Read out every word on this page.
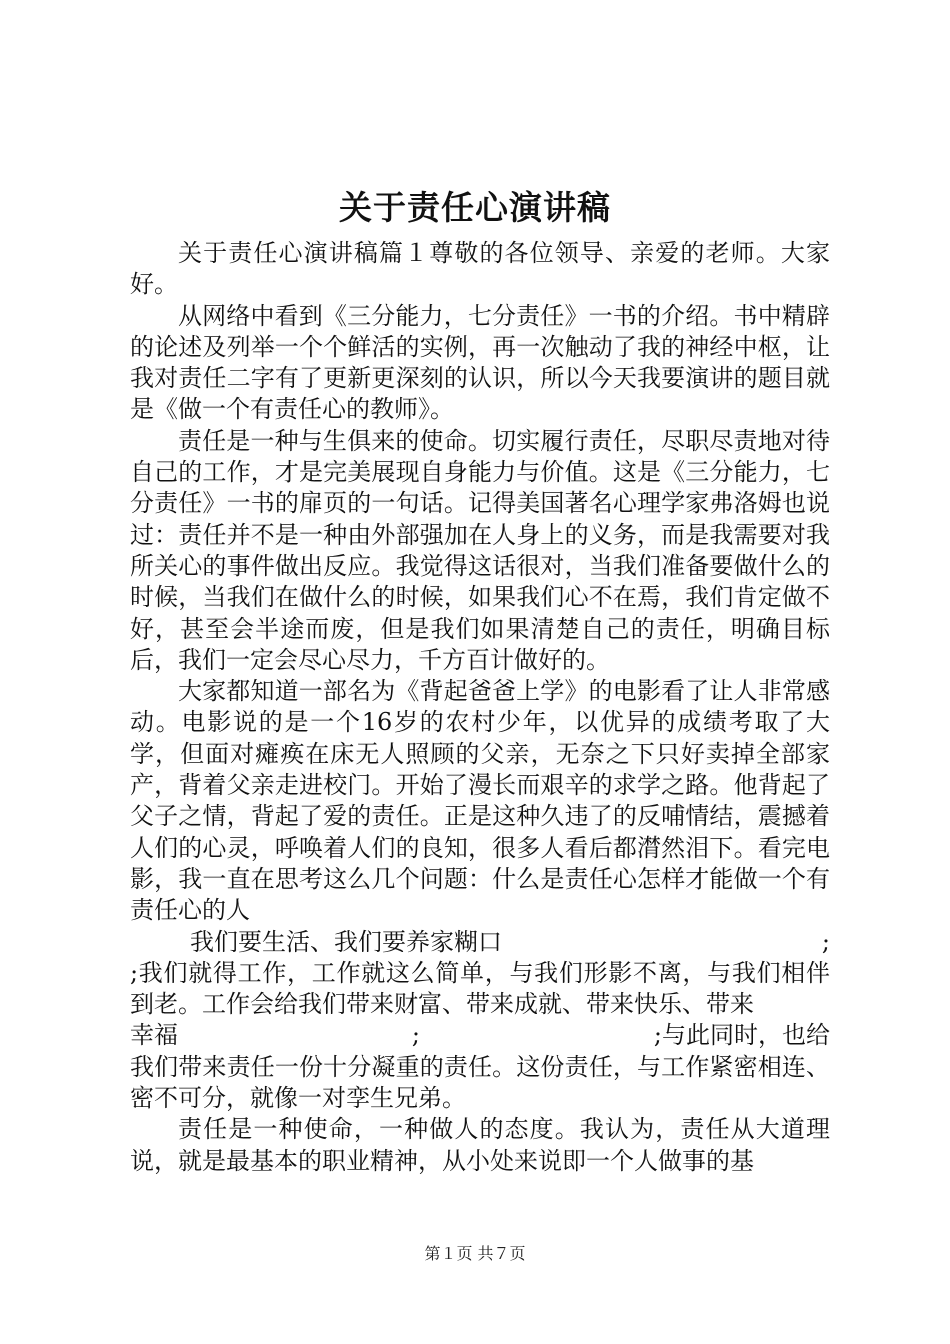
关于责任心演讲稿

关于责任心演讲稿篇１尊敬的各位领导、亲爱的老师。大家好。

从网络中看到《三分能力，七分责任》一书的介绍。书中精辟的论述及列举一个个鲜活的实例，再一次触动了我的神经中枢，让我对责任二字有了更新更深刻的认识，所以今天我要演讲的题目就是《做一个有责任心的教师》。

责任是一种与生俱来的使命。切实履行责任，尽职尽责地对待自己的工作，才是完美展现自身能力与价值。这是《三分能力，七分责任》一书的扉页的一句话。记得美国著名心理学家弗洛姆也说过：责任并不是一种由外部强加在人身上的义务，而是我需要对我所关心的事件做出反应。我觉得这话很对，当我们准备要做什么的时候，当我们在做什么的时候，如果我们心不在焉，我们肯定做不好，甚至会半途而废，但是我们如果清楚自己的责任，明确目标后，我们一定会尽心尽力，千方百计做好的。

大家都知道一部名为《背起爸爸上学》的电影看了让人非常感动。电影说的是一个16岁的农村少年，以优异的成绩考取了大学，但面对瘫痪在床无人照顾的父亲，无奈之下只好卖掉全部家产，背着父亲走进校门。开始了漫长而艰辛的求学之路。他背起了父子之情，背起了爱的责任。正是这种久违了的反哺情结，震撼着人们的心灵，呼唤着人们的良知，很多人看后都潸然泪下。看完电影，我一直在思考这么几个问题：什么是责任心怎样才能做一个有责任心的人

我们要生活、我们要养家糊口	;

;我们就得工作，工作就这么简单，与我们形影不离，与我们相伴到老。工作会给我们带来财富、带来成就、带来快乐、带来

幸福	;	;与此同时，也给

我们带来责任一份十分凝重的责任。这份责任，与工作紧密相连、密不可分，就像一对孪生兄弟。

责任是一种使命，一种做人的态度。我认为，责任从大道理说，就是最基本的职业精神，从小处来说即一个人做事的基

第１页 共７页
